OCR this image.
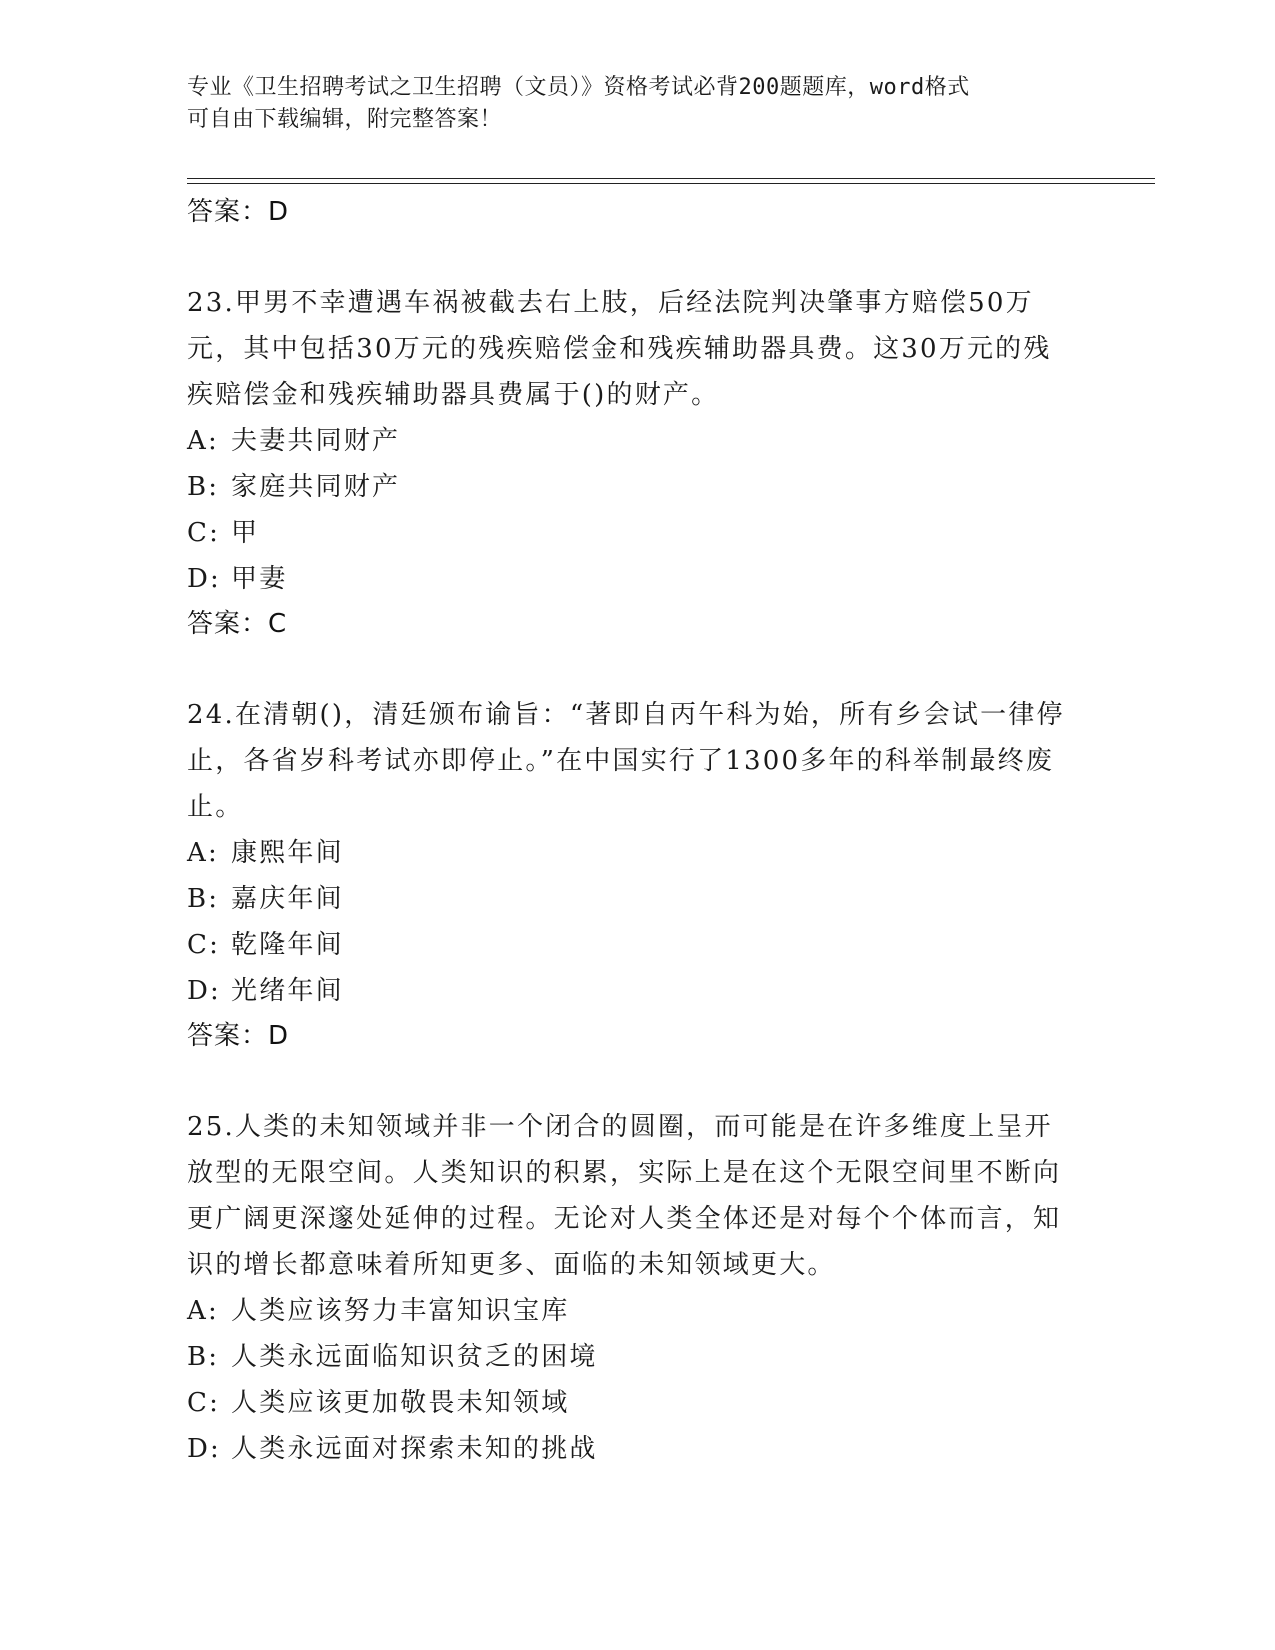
专业《卫生招聘考试之卫生招聘（文员）》资格考试必背200题题库，word格式
可自由下载编辑，附完整答案！
答案：D
23.甲男不幸遭遇车祸被截去右上肢，后经法院判决肇事方赔偿50万元，其中包括30万元的残疾赔偿金和残疾辅助器具费。这30万元的残疾赔偿金和残疾辅助器具费属于()的财产。
A: 夫妻共同财产
B: 家庭共同财产
C: 甲
D: 甲妻
答案：C
24.在清朝()，清廷颁布谕旨：“著即自丙午科为始，所有乡会试一律停止，各省岁科考试亦即停止。”在中国实行了1300多年的科举制最终废止。
A: 康熙年间
B: 嘉庆年间
C: 乾隆年间
D: 光绪年间
答案：D
25.人类的未知领域并非一个闭合的圆圈，而可能是在许多维度上呈开放型的无限空间。人类知识的积累，实际上是在这个无限空间里不断向更广阔更深邃处延伸的过程。无论对人类全体还是对每个个体而言，知识的增长都意味着所知更多、面临的未知领域更大。
A: 人类应该努力丰富知识宝库
B: 人类永远面临知识贫乏的困境
C: 人类应该更加敬畏未知领域
D: 人类永远面对探索未知的挑战
